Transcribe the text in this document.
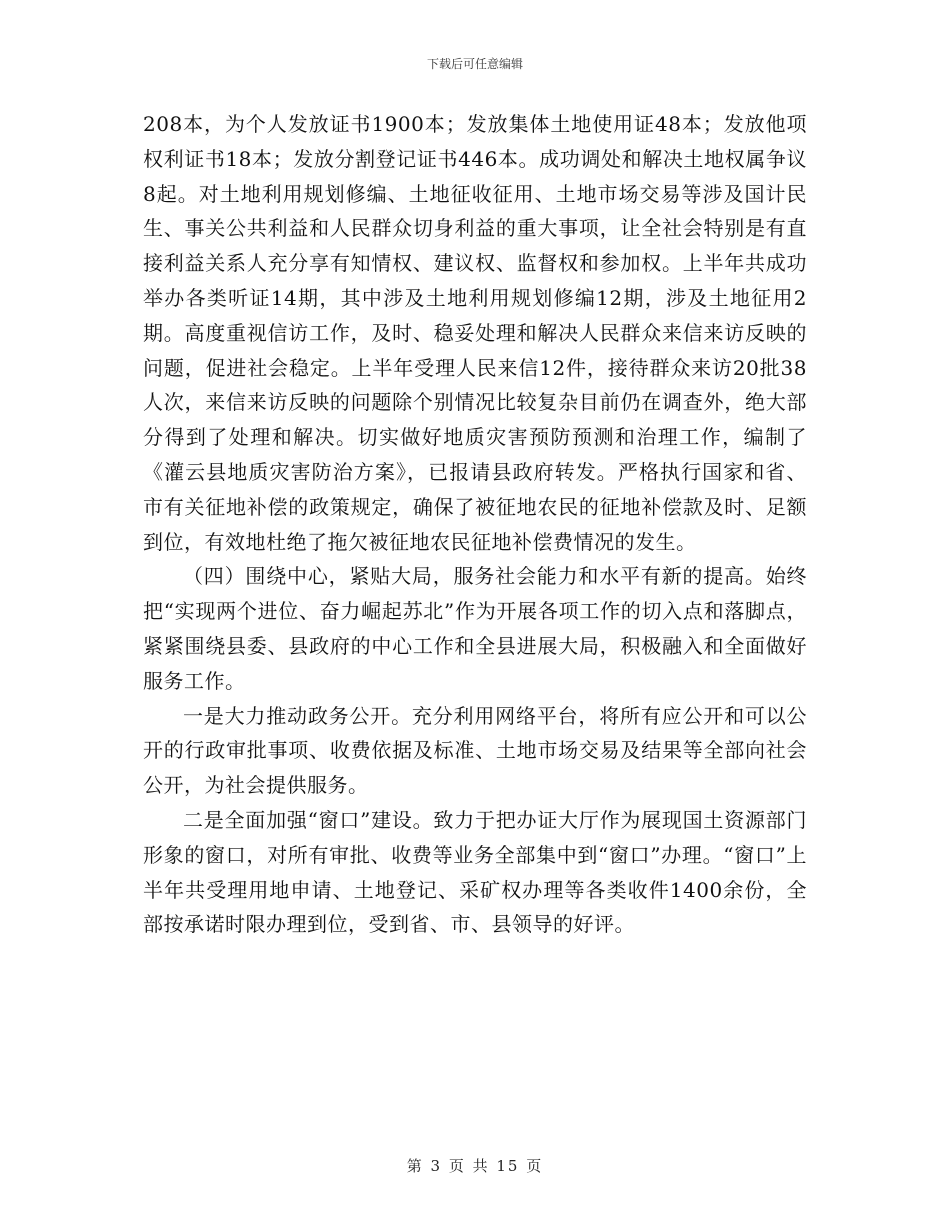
下载后可任意编辑

208本，为个人发放证书1900本；发放集体土地使用证48本；发放他项权利证书18本；发放分割登记证书446本。成功调处和解决土地权属争议8起。对土地利用规划修编、土地征收征用、土地市场交易等涉及国计民生、事关公共利益和人民群众切身利益的重大事项，让全社会特别是有直接利益关系人充分享有知情权、建议权、监督权和参加权。上半年共成功举办各类听证14期，其中涉及土地利用规划修编12期，涉及土地征用2期。高度重视信访工作，及时、稳妥处理和解决人民群众来信来访反映的问题，促进社会稳定。上半年受理人民来信12件，接待群众来访20批38人次，来信来访反映的问题除个别情况比较复杂目前仍在调查外，绝大部分得到了处理和解决。切实做好地质灾害预防预测和治理工作，编制了《灌云县地质灾害防治方案》，已报请县政府转发。严格执行国家和省、市有关征地补偿的政策规定，确保了被征地农民的征地补偿款及时、足额到位，有效地杜绝了拖欠被征地农民征地补偿费情况的发生。

（四）围绕中心，紧贴大局，服务社会能力和水平有新的提高。始终把“实现两个进位、奋力崛起苏北”作为开展各项工作的切入点和落脚点，紧紧围绕县委、县政府的中心工作和全县进展大局，积极融入和全面做好服务工作。

一是大力推动政务公开。充分利用网络平台，将所有应公开和可以公开的行政审批事项、收费依据及标准、土地市场交易及结果等全部向社会公开，为社会提供服务。

二是全面加强“窗口”建设。致力于把办证大厅作为展现国土资源部门形象的窗口，对所有审批、收费等业务全部集中到“窗口”办理。“窗口”上半年共受理用地申请、土地登记、采矿权办理等各类收件1400余份，全部按承诺时限办理到位，受到省、市、县领导的好评。

第 3 页 共 15 页
